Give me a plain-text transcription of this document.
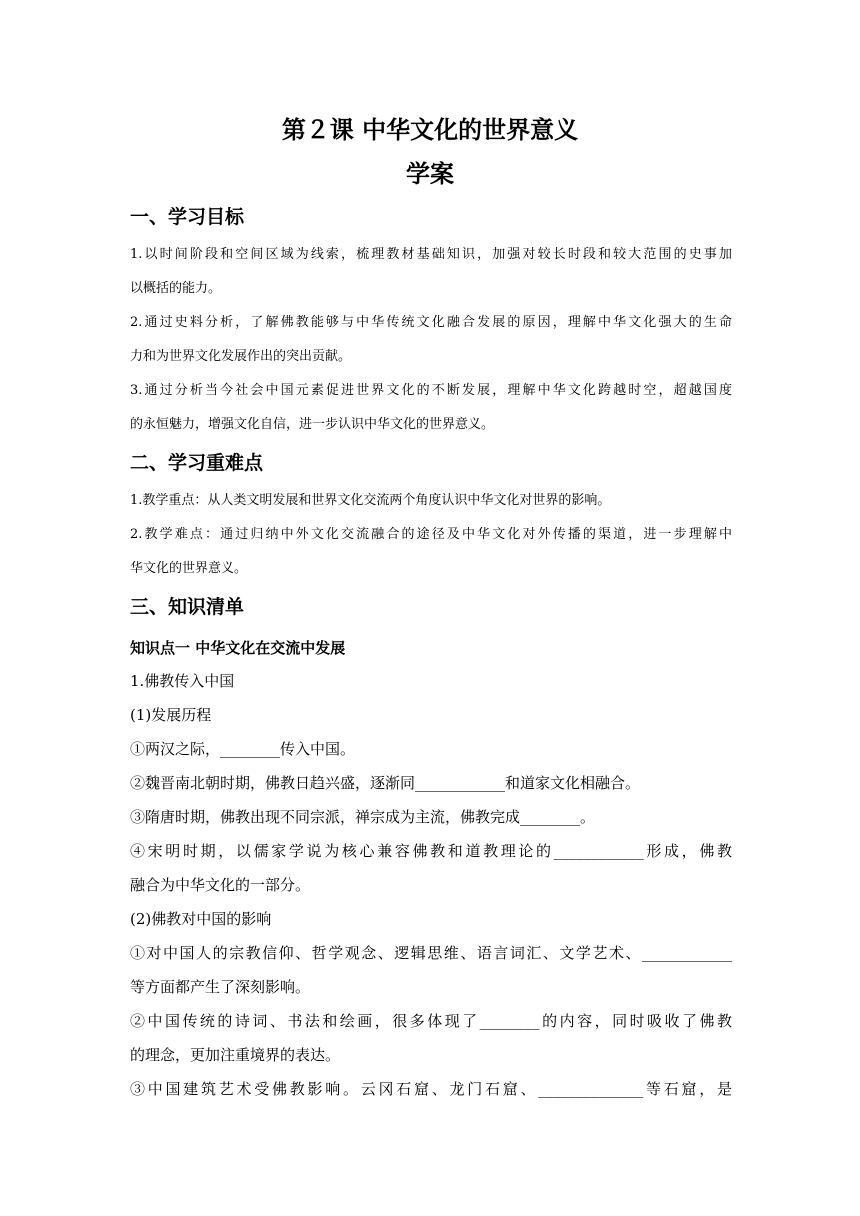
第２课 中华文化的世界意义
学案
一、学习目标
1.以时间阶段和空间区域为线索，梳理教材基础知识，加强对较长时段和较大范围的史事加
以概括的能力。
2.通过史料分析，了解佛教能够与中华传统文化融合发展的原因，理解中华文化强大的生命
力和为世界文化发展作出的突出贡献。
3.通过分析当今社会中国元素促进世界文化的不断发展，理解中华文化跨越时空，超越国度
的永恒魅力，增强文化自信，进一步认识中华文化的世界意义。
二、学习重难点
1.教学重点：从人类文明发展和世界文化交流两个角度认识中华文化对世界的影响。
2.教学难点：通过归纳中外文化交流融合的途径及中华文化对外传播的渠道，进一步理解中
华文化的世界意义。
三、知识清单
知识点一 中华文化在交流中发展
1.佛教传入中国
(1)发展历程
①两汉之际，________传入中国。
②魏晋南北朝时期，佛教日趋兴盛，逐渐同____________和道家文化相融合。
③隋唐时期，佛教出现不同宗派，禅宗成为主流，佛教完成________。
④宋明时期，以儒家学说为核心兼容佛教和道教理论的____________形成，佛教
融合为中华文化的一部分。
(2)佛教对中国的影响
①对中国人的宗教信仰、哲学观念、逻辑思维、语言词汇、文学艺术、____________
等方面都产生了深刻影响。
②中国传统的诗词、书法和绘画，很多体现了________的内容，同时吸收了佛教
的理念，更加注重境界的表达。
③中国建筑艺术受佛教影响。云冈石窟、龙门石窟、______________等石窟，是
